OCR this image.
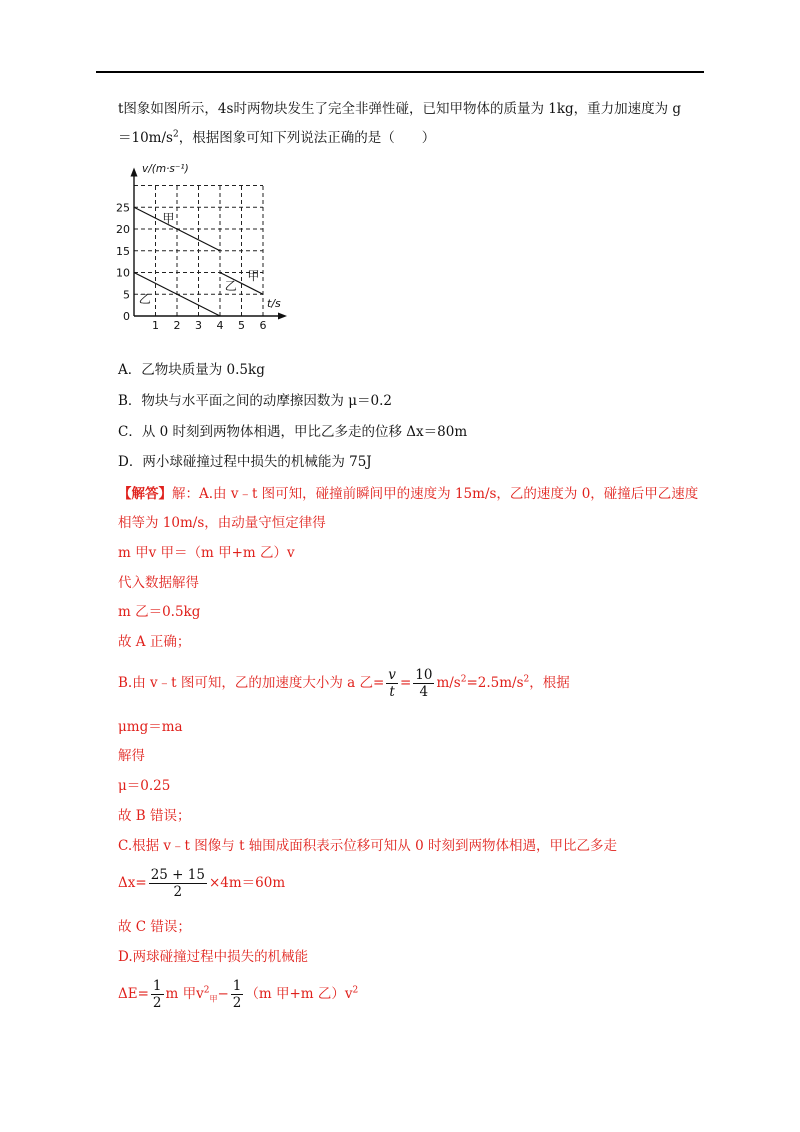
t图象如图所示，4s时两物块发生了完全非弹性碰，已知甲物体的质量为 1kg，重力加速度为 g
$=10m/s^2$，根据图象可知下列说法正确的是（　　）
1 2 3 4 5 6
0
5
10
15
20
25
v/(m·s⁻¹)
t/s
甲
乙
乙
甲
A．乙物块质量为 0.5kg
B．物块与水平面之间的动摩擦因数为 μ＝0.2
C．从 0 时刻到两物体相遇，甲比乙多走的位移 Δx＝80m
D．两小球碰撞过程中损失的机械能为 75J
【解答】解：A.由 v﹣t 图可知，碰撞前瞬间甲的速度为 15m/s，乙的速度为 0，碰撞后甲乙速度
相等为 10m/s，由动量守恒定律得
m 甲v 甲＝（m 甲+m 乙）v
代入数据解得
m 乙＝0.5kg
故 A 正确；
B.由 v﹣t 图可知，乙的加速度大小为 a 乙= $\frac{v}{t} = \frac{10}{4} m/s^2=2.5m/s^2$，根据
μmg＝ma
解得
μ＝0.25
故 B 错误；
C.根据 v﹣t 图像与 t 轴围成面积表示位移可知从 0 时刻到两物体相遇，甲比乙多走
$\Delta x= \frac{25 + 15}{2} \times 4m=60m$
故 C 错误；
D.两球碰撞过程中损失的机械能
$\Delta E= \frac{1}{2}$ m 甲$v^2_甲- \frac{1}{2} (m$ 甲+m 乙）$v^2$
